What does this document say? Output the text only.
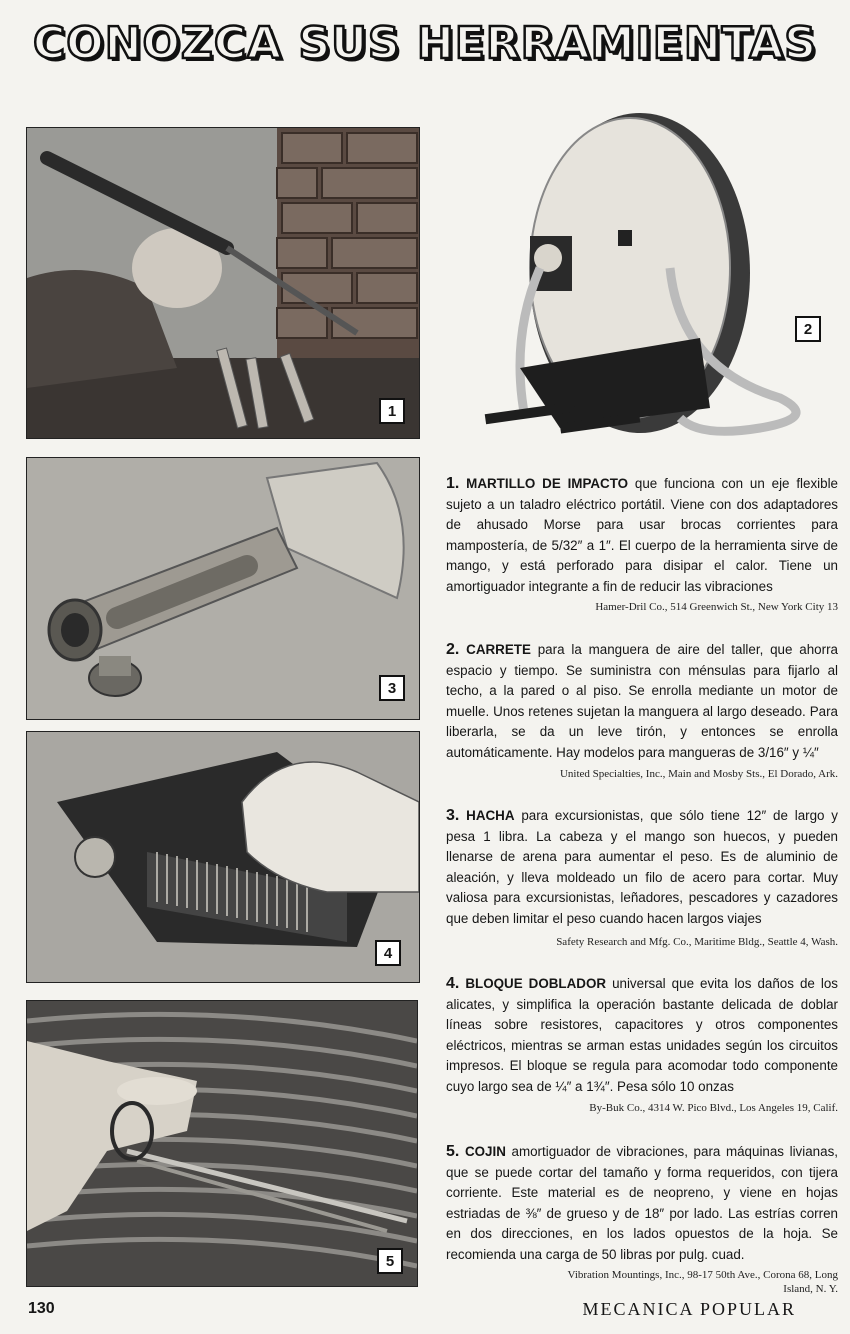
CONOZCA SUS HERRAMIENTAS
1
2
3
4
5
1. MARTILLO DE IMPACTO que funciona con un eje flexible sujeto a un taladro eléctrico portátil. Viene con dos adaptadores de ahusado Morse para usar brocas corrientes para mampostería, de 5/32″ a 1″. El cuerpo de la herramienta sirve de mango, y está perforado para disipar el calor. Tiene un amortiguador integrante a fin de reducir las vibraciones
Hamer-Dril Co., 514 Greenwich St., New York City 13
2. CARRETE para la manguera de aire del taller, que ahorra espacio y tiempo. Se suministra con ménsulas para fijarlo al techo, a la pared o al piso. Se enrolla mediante un motor de muelle. Unos retenes sujetan la manguera al largo deseado. Para liberarla, se da un leve tirón, y entonces se enrolla automáticamente. Hay modelos para mangueras de 3/16″ y ¼″
United Specialties, Inc., Main and Mosby Sts., El Dorado, Ark.
3. HACHA para excursionistas, que sólo tiene 12″ de largo y pesa 1 libra. La cabeza y el mango son huecos, y pueden llenarse de arena para aumentar el peso. Es de aluminio de aleación, y lleva moldeado un filo de acero para cortar. Muy valiosa para excursionistas, leñadores, pescadores y cazadores que deben limitar el peso cuando hacen largos viajes
Safety Research and Mfg. Co., Maritime Bldg., Seattle 4, Wash.
4. BLOQUE DOBLADOR universal que evita los daños de los alicates, y simplifica la operación bastante delicada de doblar líneas sobre resistores, capacitores y otros componentes eléctricos, mientras se arman estas unidades según los circuitos impresos. El bloque se regula para acomodar todo componente cuyo largo sea de ¼″ a 1¾″. Pesa sólo 10 onzas
By-Buk Co., 4314 W. Pico Blvd., Los Angeles 19, Calif.
5. COJIN amortiguador de vibraciones, para máquinas livianas, que se puede cortar del tamaño y forma requeridos, con tijera corriente. Este material es de neopreno, y viene en hojas estriadas de ⅜″ de grueso y de 18″ por lado. Las estrías corren en dos direcciones, en los lados opuestos de la hoja. Se recomienda una carga de 50 libras por pulg. cuad.
Vibration Mountings, Inc., 98-17 50th Ave., Corona 68, Long Island, N. Y.
130	MECANICA POPULAR
